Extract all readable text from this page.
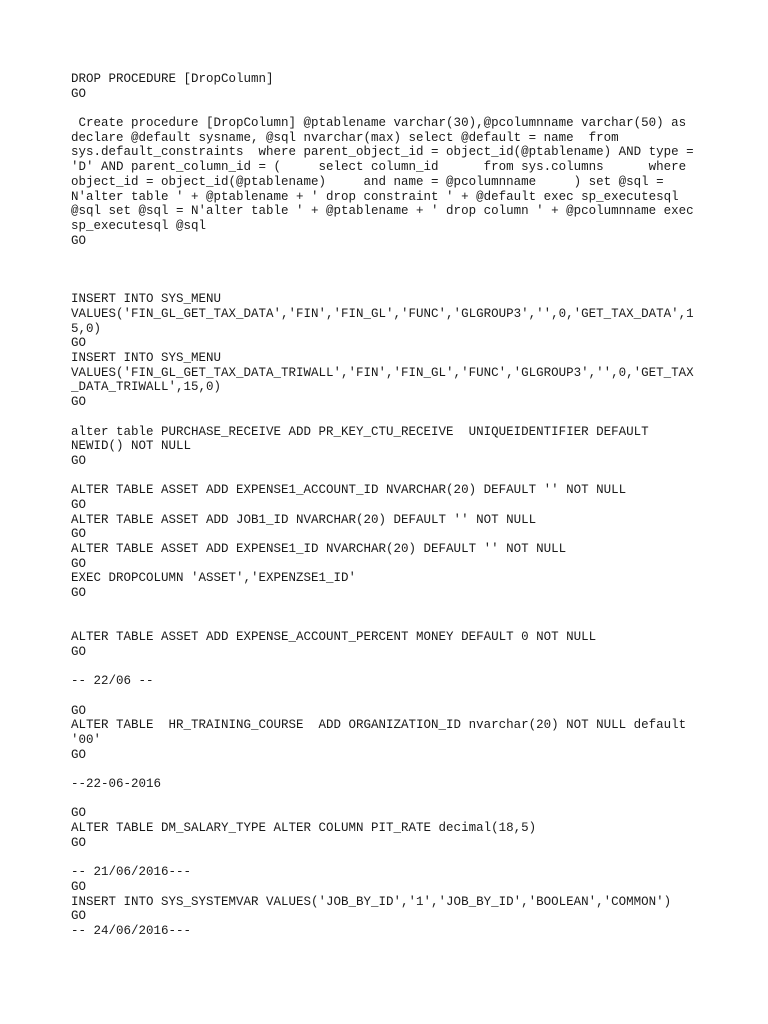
DROP PROCEDURE [DropColumn]
GO
Create procedure [DropColumn] @ptablename varchar(30),@pcolumnname varchar(50) as
declare @default sysname, @sql nvarchar(max) select @default = name  from
sys.default_constraints  where parent_object_id = object_id(@ptablename) AND type =
'D' AND parent_column_id = (     select column_id      from sys.columns      where
object_id = object_id(@ptablename)     and name = @pcolumnname     ) set @sql =
N'alter table ' + @ptablename + ' drop constraint ' + @default exec sp_executesql
@sql set @sql = N'alter table ' + @ptablename + ' drop column ' + @pcolumnname exec
sp_executesql @sql
GO
INSERT INTO SYS_MENU
VALUES('FIN_GL_GET_TAX_DATA','FIN','FIN_GL','FUNC','GLGROUP3','',0,'GET_TAX_DATA',1
5,0)
GO
INSERT INTO SYS_MENU
VALUES('FIN_GL_GET_TAX_DATA_TRIWALL','FIN','FIN_GL','FUNC','GLGROUP3','',0,'GET_TAX
_DATA_TRIWALL',15,0)
GO
alter table PURCHASE_RECEIVE ADD PR_KEY_CTU_RECEIVE  UNIQUEIDENTIFIER DEFAULT
NEWID() NOT NULL
GO
ALTER TABLE ASSET ADD EXPENSE1_ACCOUNT_ID NVARCHAR(20) DEFAULT '' NOT NULL
GO
ALTER TABLE ASSET ADD JOB1_ID NVARCHAR(20) DEFAULT '' NOT NULL
GO
ALTER TABLE ASSET ADD EXPENSE1_ID NVARCHAR(20) DEFAULT '' NOT NULL
GO
EXEC DROPCOLUMN 'ASSET','EXPENZSE1_ID'
GO
ALTER TABLE ASSET ADD EXPENSE_ACCOUNT_PERCENT MONEY DEFAULT 0 NOT NULL
GO
-- 22/06 --
GO
ALTER TABLE  HR_TRAINING_COURSE  ADD ORGANIZATION_ID nvarchar(20) NOT NULL default
'00'
GO
--22-06-2016
GO
ALTER TABLE DM_SALARY_TYPE ALTER COLUMN PIT_RATE decimal(18,5)
GO
-- 21/06/2016---
GO
INSERT INTO SYS_SYSTEMVAR VALUES('JOB_BY_ID','1','JOB_BY_ID','BOOLEAN','COMMON')
GO
-- 24/06/2016---
